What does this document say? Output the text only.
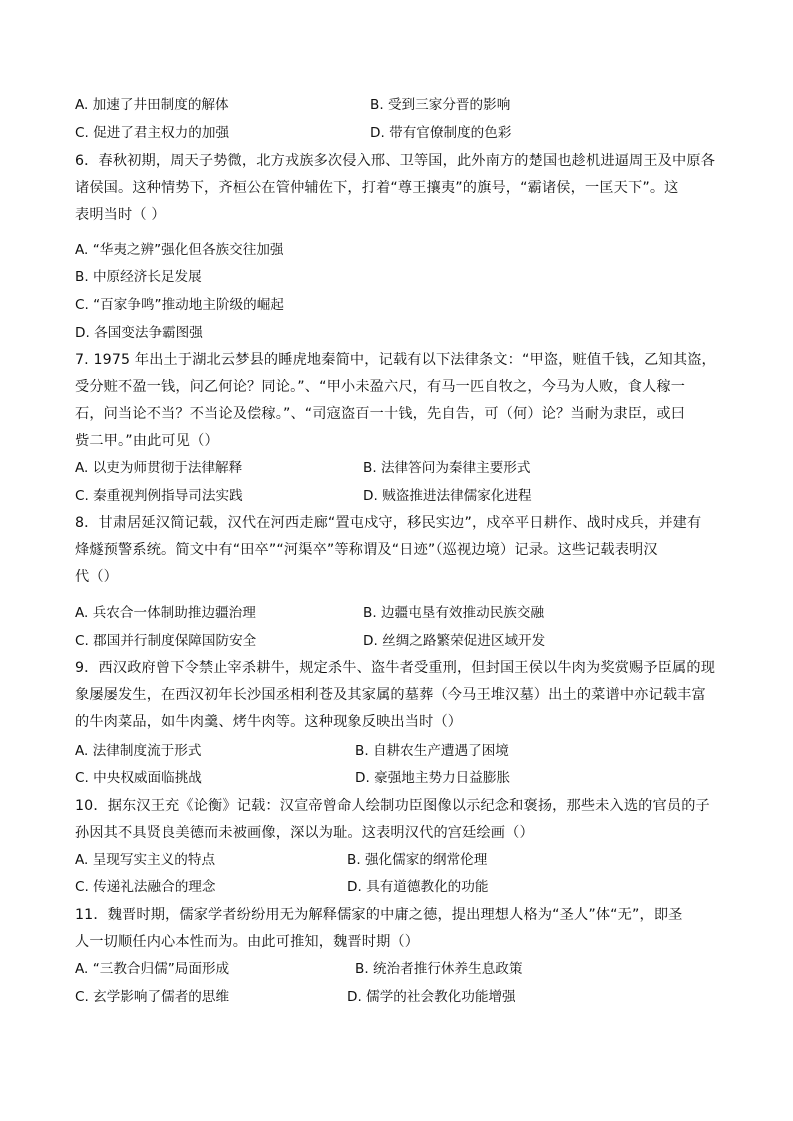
A. 加速了井田制度的解体	B. 受到三家分晋的影响
C. 促进了君主权力的加强	D. 带有官僚制度的色彩
6．春秋初期，周天子势微，北方戎族多次侵入邢、卫等国，此外南方的楚国也趁机进逼周王及中原各
诸侯国。这种情势下，齐桓公在管仲辅佐下，打着“尊王攘夷”的旗号，“霸诸侯，一匡天下”。这
表明当时（ ）
A. “华夷之辨”强化但各族交往加强
B. 中原经济长足发展
C. “百家争鸣”推动地主阶级的崛起
D. 各国变法争霸图强
7. 1975 年出土于湖北云梦县的睡虎地秦简中，记载有以下法律条文：“甲盗，赃值千钱，乙知其盗，
受分赃不盈一钱，问乙何论？同论。”、“甲小未盈六尺，有马一匹自牧之，今马为人败，食人稼一
石，问当论不当？不当论及偿稼。”、“司寇盗百一十钱，先自告，可（何）论？当耐为隶臣，或曰
赀二甲。”由此可见（）
A. 以吏为师贯彻于法律解释	B. 法律答问为秦律主要形式
C. 秦重视判例指导司法实践	D. 贼盗推进法律儒家化进程
8．甘肃居延汉简记载，汉代在河西走廊“置屯戍守，移民实边”，戍卒平日耕作、战时戍兵，并建有
烽燧预警系统。简文中有“田卒”“河渠卒”等称谓及“日迹”（巡视边境）记录。这些记载表明汉
代（）
A. 兵农合一体制助推边疆治理	B. 边疆屯垦有效推动民族交融
C. 郡国并行制度保障国防安全	D. 丝绸之路繁荣促进区域开发
9．西汉政府曾下令禁止宰杀耕牛，规定杀牛、盗牛者受重刑，但封国王侯以牛肉为奖赏赐予臣属的现
象屡屡发生，在西汉初年长沙国丞相利苍及其家属的墓葬（今马王堆汉墓）出土的菜谱中亦记载丰富
的牛肉菜品，如牛肉羹、烤牛肉等。这种现象反映出当时（）
A. 法律制度流于形式	B. 自耕农生产遭遇了困境
C. 中央权威面临挑战	D. 豪强地主势力日益膨胀
10．据东汉王充《论衡》记载：汉宣帝曾命人绘制功臣图像以示纪念和褒扬，那些未入选的官员的子
孙因其不具贤良美德而未被画像，深以为耻。这表明汉代的宫廷绘画（）
A. 呈现写实主义的特点	B. 强化儒家的纲常伦理
C. 传递礼法融合的理念	D. 具有道德教化的功能
11．魏晋时期，儒家学者纷纷用无为解释儒家的中庸之德，提出理想人格为“圣人”体“无”，即圣
人一切顺任内心本性而为。由此可推知，魏晋时期（）
A. “三教合归儒”局面形成	B. 统治者推行休养生息政策
C. 玄学影响了儒者的思维	D. 儒学的社会教化功能增强
